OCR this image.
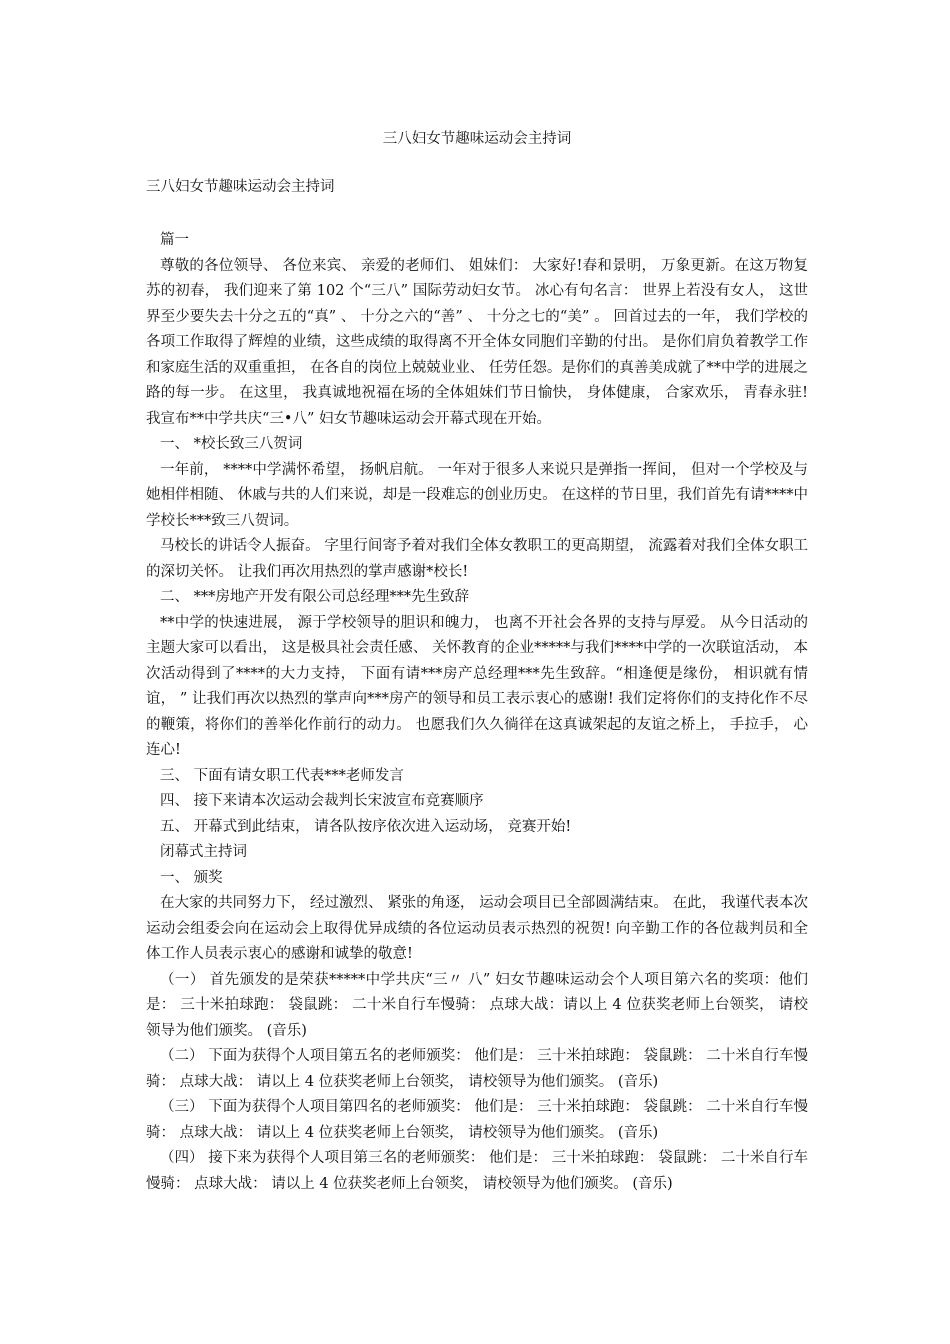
三八妇女节趣味运动会主持词
三八妇女节趣味运动会主持词

篇一

尊敬的各位领导、 各位来宾、 亲爱的老师们、 姐妹们： 大家好!春和景明， 万象更新。在这万物复苏的初春， 我们迎来了第 102 个“三八” 国际劳动妇女节。 冰心有句名言： 世界上若没有女人， 这世界至少要失去十分之五的“真” 、 十分之六的“善” 、 十分之七的“美” 。 回首过去的一年， 我们学校的各项工作取得了辉煌的业绩，这些成绩的取得离不开全体女同胞们辛勤的付出。 是你们肩负着教学工作和家庭生活的双重重担， 在各自的岗位上兢兢业业、 任劳任怨。是你们的真善美成就了**中学的进展之路的每一步。 在这里， 我真诚地祝福在场的全体姐妹们节日愉快， 身体健康， 合家欢乐， 青春永驻!我宣布**中学共庆“三•八” 妇女节趣味运动会开幕式现在开始。

一、 *校长致三八贺词

一年前， ****中学满怀希望， 扬帆启航。 一年对于很多人来说只是弹指一挥间， 但对一个学校及与她相伴相随、 休戚与共的人们来说，却是一段难忘的创业历史。 在这样的节日里，我们首先有请****中学校长***致三八贺词。

马校长的讲话令人振奋。 字里行间寄予着对我们全体女教职工的更高期望， 流露着对我们全体女职工的深切关怀。 让我们再次用热烈的掌声感谢*校长!

二、 ***房地产开发有限公司总经理***先生致辞

**中学的快速进展， 源于学校领导的胆识和魄力， 也离不开社会各界的支持与厚爱。 从今日活动的主题大家可以看出， 这是极具社会责任感、 关怀教育的企业*****与我们****中学的一次联谊活动， 本次活动得到了****的大力支持， 下面有请***房产总经理***先生致辞。“相逢便是缘份， 相识就有情谊， ” 让我们再次以热烈的掌声向***房产的领导和员工表示衷心的感谢! 我们定将你们的支持化作不尽的鞭策，将你们的善举化作前行的动力。 也愿我们久久徜徉在这真诚架起的友谊之桥上， 手拉手， 心连心!

三、 下面有请女职工代表***老师发言

四、 接下来请本次运动会裁判长宋波宣布竞赛顺序

五、 开幕式到此结束， 请各队按序依次进入运动场， 竞赛开始!

闭幕式主持词

一、 颁奖

在大家的共同努力下， 经过激烈、 紧张的角逐， 运动会项目已全部圆满结束。 在此， 我谨代表本次运动会组委会向在运动会上取得优异成绩的各位运动员表示热烈的祝贺! 向辛勤工作的各位裁判员和全体工作人员表示衷心的感谢和诚挚的敬意!

（一） 首先颁发的是荣获*****中学共庆“三〃 八” 妇女节趣味运动会个人项目第六名的奖项：他们是： 三十米拍球跑： 袋鼠跳： 二十米自行车慢骑： 点球大战：请以上 4 位获奖老师上台领奖， 请校领导为他们颁奖。 (音乐)

（二） 下面为获得个人项目第五名的老师颁奖： 他们是： 三十米拍球跑： 袋鼠跳： 二十米自行车慢骑： 点球大战： 请以上 4 位获奖老师上台领奖， 请校领导为他们颁奖。 (音乐)

（三） 下面为获得个人项目第四名的老师颁奖： 他们是： 三十米拍球跑： 袋鼠跳： 二十米自行车慢骑： 点球大战： 请以上 4 位获奖老师上台领奖， 请校领导为他们颁奖。 (音乐)

（四） 接下来为获得个人项目第三名的老师颁奖： 他们是： 三十米拍球跑： 袋鼠跳： 二十米自行车慢骑： 点球大战： 请以上 4 位获奖老师上台领奖， 请校领导为他们颁奖。 (音乐)
